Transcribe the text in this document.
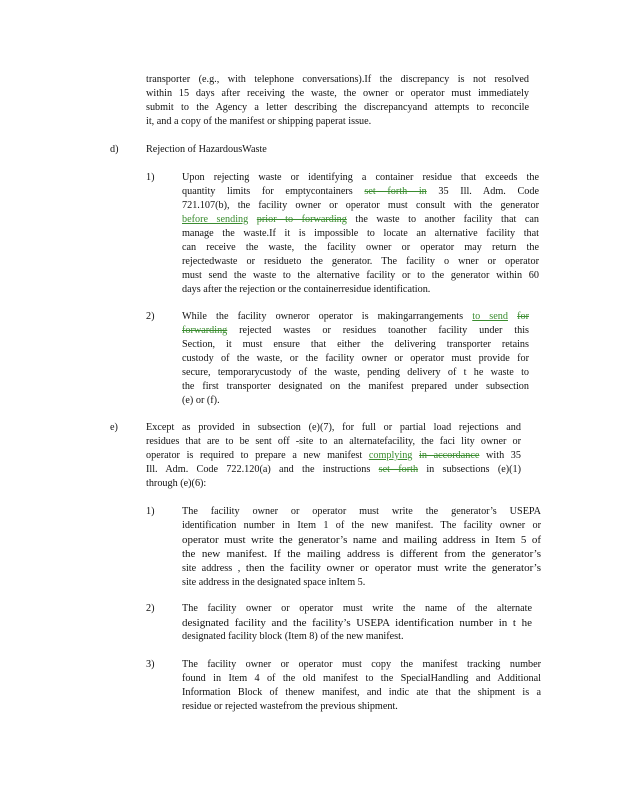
transporter (e.g., with telephone conversations).If the discrepancy is not resolved
within 15 days after receiving the waste, the owner or operator must immediately
submit to the Agency a letter describing the discrepancyand attempts to reconcile
it, and a copy of the manifest or shipping paperat issue.
d)	Rejection of HazardousWaste
1)	Upon rejecting waste or identifying a container residue that exceeds the
quantity limits for emptycontainers set forth in 35 Ill. Adm. Code
721.107(b), the facility owner or operator must consult with the generator
before sending prior to forwarding the waste to another facility that can
manage the waste.If it is impossible to locate an alternative facility that
can receive the waste, the facility owner or operator may return the
rejectedwaste or residueto the generator. The facility o wner or operator
must send the waste to the alternative facility or to the generator within 60
days after the rejection or the containerresidue identification.
2)	While the facility owneror operator is makingarrangements to send for
forwarding rejected wastes or residues toanother facility under this
Section, it must ensure that either the delivering transporter retains
custody of the waste, or the facility owner or operator must provide for
secure, temporarycustody of the waste, pending delivery of t he waste to
the first transporter designated on the manifest prepared under subsection
(e) or (f).
e)	Except as provided in subsection (e)(7), for full or partial load rejections and
residues that are to be sent off -site to an alternatefacility, the faci lity owner or
operator is required to prepare a new manifest complying in accordance with 35
Ill. Adm. Code 722.120(a) and the instructions set forth in subsections (e)(1)
through (e)(6):
1)	The facility owner or operator must write the generator’s USEPA
identification number in Item 1 of the new manifest. The facility owner or
operator must write the generator’s name and mailing address in Item 5 of
the new manifest. If the mailing address is different from the generator’s
site address , then the facility owner or operator must write the generator’s
site address in the designated space inItem 5.
2)	The facility owner or operator must write the name of the alternate
designated facility and the facility’s USEPA identification number in t he
designated facility block (Item 8) of the new manifest.
3)	The facility owner or operator must copy the manifest tracking number
found in Item 4 of the old manifest to the SpecialHandling and Additional
Information Block of thenew manifest, and indic ate that the shipment is a
residue or rejected wastefrom the previous shipment.
